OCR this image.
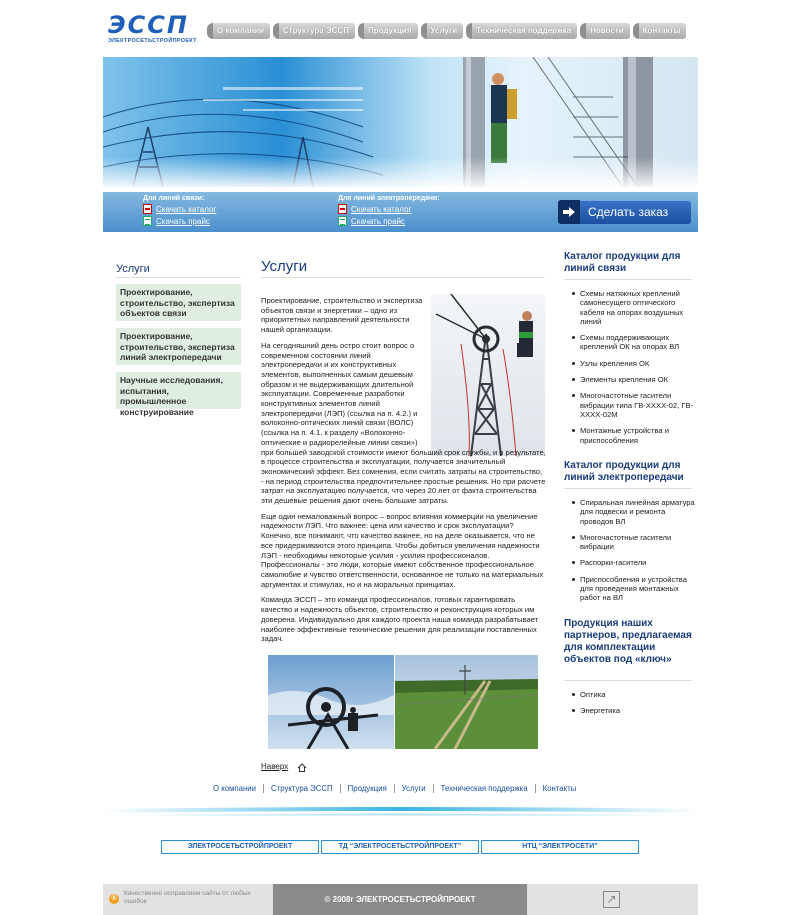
ЭССП
ЭЛЕКТРОСЕТЬСТРОЙПРОЕКТ
О компании	Структура ЭССП	Продукция	Услуги	Техническая поддержка	Новости	Контакты
Для линий связи:
Скачать каталог
Скачать прайс
Для линий электропередачи:
Скачать каталог
Скачать прайс
Сделать заказ
Услуги
Проектирование, строительство, экспертиза объектов связи
Проектирование, строительство, экспертиза линий электропередачи
Научные исследования, испытания, промышленное конструирование
Услуги

Проектирование, строительство и экспертиза объектов связи и энергетики – одно из приоритетных направлений деятельности нашей организации.

На сегодняшний день остро стоит вопрос о современном состоянии линий электропередачи и их конструктивных элементов, выполненных самым дешевым образом и не выдерживающих длительной эксплуатации. Современные разработки конструктивных элементов линий электропередачи (ЛЭП) (ссылка на п. 4.2.) и волоконно-оптических линий связи (ВОЛС) (ссылка на п. 4.1. к разделу «Волоконно-оптические и радиорелейные линии связи») при большей заводской стоимости имеют больший срок службы, и в результате, в процессе строительства и эксплуатации, получается значительный экономический эффект. Без сомнения, если считать затраты на строительство, - на период строительства предпочтительнее простые решения. Но при расчете затрат на эксплуатацию получается, что через 20 лет от факта строительства эти дешевые решения дают очень большие затраты.

Еще один немаловажный вопрос – вопрос влияния коммерции на увеличение надежности ЛЭП. Что важнее: цена или качество и срок эксплуатации? Конечно, все понимают, что качество важнее, но на деле оказывается, что не все придерживаются этого принципа. Чтобы добиться увеличения надежности ЛЭП - необходимы некоторые усилия - усилия профессионалов. Профессионалы - это люди, которые имеют собственное профессиональное самолюбие и чувство ответственности, основанное не только на материальных аргументах и стимулах, но и на моральных принципах.

Команда ЭССП – это команда профессионалов, готовых гарантировать качество и надежность объектов, строительство и реконструкция которых им доверена. Индивидуально для каждого проекта наша команда разрабатывает наиболее эффективные технические решения для реализации поставленных задач.

Наверх
Каталог продукции для линий связи
Схемы натяжных креплений самонесущего оптического кабеля на опорах воздушных линий
Схемы поддерживающих креплений ОК на опорах ВЛ
Узлы крепления ОК
Элементы крепления ОК
Многочастотные гасители вибрации типа ГВ-XXXX-02, ГВ-XXXX-02М
Монтажные устройства и приспособления
Каталог продукции для линий электропередачи
Спиральная линейная арматура для подвески и ремонта проводов ВЛ
Многочастотные гасители вибрации
Распорки-гасители
Приспособления и устройства для проведения монтажных работ на ВЛ
Продукция наших партнеров, предлагаемая для комплектации объектов под «ключ»
Оптика
Энергетика
О компании	Структура ЭССП	Продукция	Услуги	Техническая поддержка	Контакты
ЭЛЕКТРОСЕТЬСТРОЙПРОЕКТ	ТД “ЭЛЕКТРОСЕТЬСТРОЙПРОЕКТ”	НТЦ “ЭЛЕКТРОСЕТИ”
®
Качественно исправляем сайты от любых ошибок	© 2008г ЭЛЕКТРОСЕТЬСТРОЙПРОЕКТ	↗
